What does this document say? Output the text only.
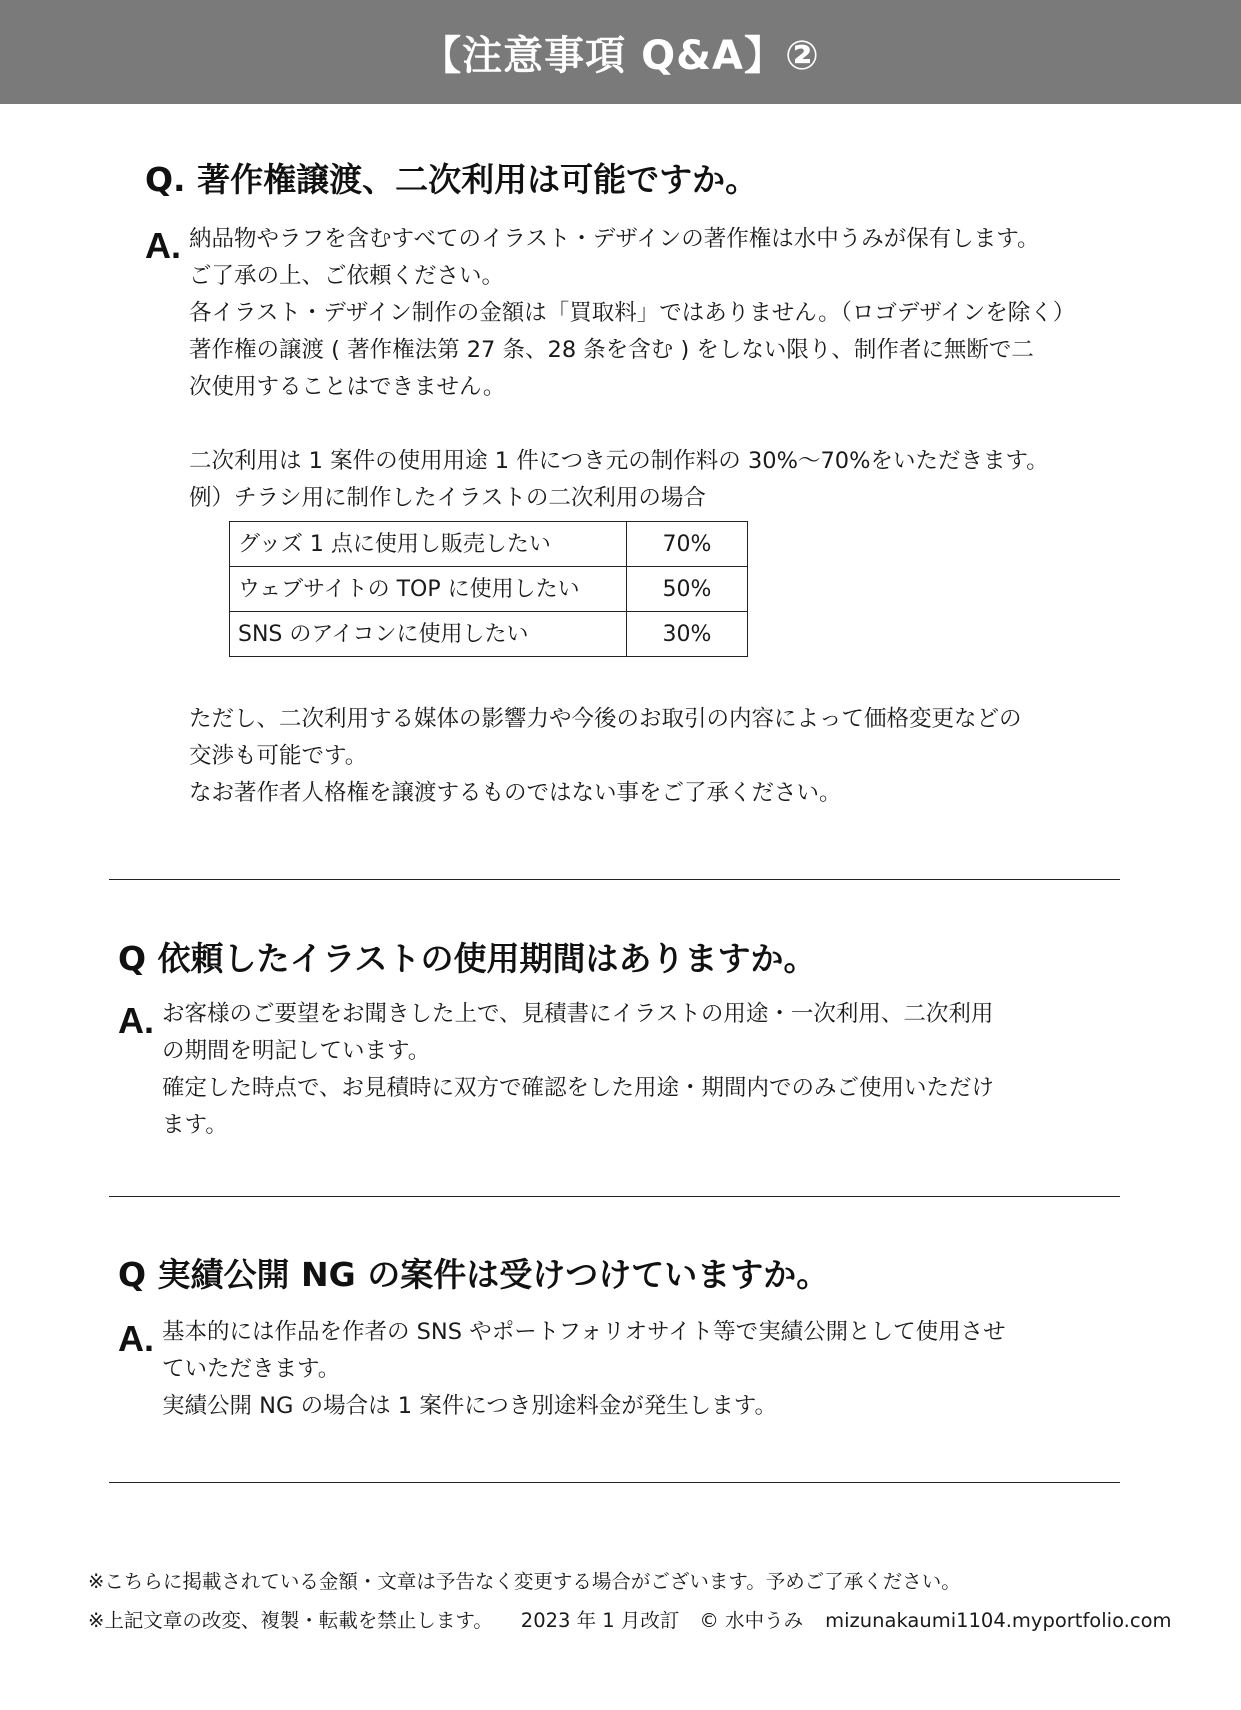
【注意事項 Q&A】②
Q. 著作権譲渡、二次利用は可能ですか。
A. 納品物やラフを含むすべてのイラスト・デザインの著作権は水中うみが保有します。
ご了承の上、ご依頼ください。
各イラスト・デザイン制作の金額は「買取料」ではありません。（ロゴデザインを除く）
著作権の譲渡 ( 著作権法第 27 条、28 条を含む ) をしない限り、制作者に無断で二
次使用することはできません。
二次利用は 1 案件の使用用途 1 件につき元の制作料の 30%〜70%をいただきます。
例）チラシ用に制作したイラストの二次利用の場合
グッズ 1 点に使用し販売したい	70%
ウェブサイトの TOP に使用したい	50%
SNS のアイコンに使用したい	30%
ただし、二次利用する媒体の影響力や今後のお取引の内容によって価格変更などの
交渉も可能です。
なお著作者人格権を譲渡するものではない事をご了承ください。
Q 依頼したイラストの使用期間はありますか。
A. お客様のご要望をお聞きした上で、見積書にイラストの用途・一次利用、二次利用
の期間を明記しています。
確定した時点で、お見積時に双方で確認をした用途・期間内でのみご使用いただけ
ます。
Q 実績公開 NG の案件は受けつけていますか。
A. 基本的には作品を作者の SNS やポートフォリオサイト等で実績公開として使用させ
ていただきます。
実績公開 NG の場合は 1 案件につき別途料金が発生します。
※こちらに掲載されている金額・文章は予告なく変更する場合がございます。予めご了承ください。
※上記文章の改変、複製・転載を禁止します。 2023 年 1 月改訂 © 水中うみ mizunakaumi1104.myportfolio.com
